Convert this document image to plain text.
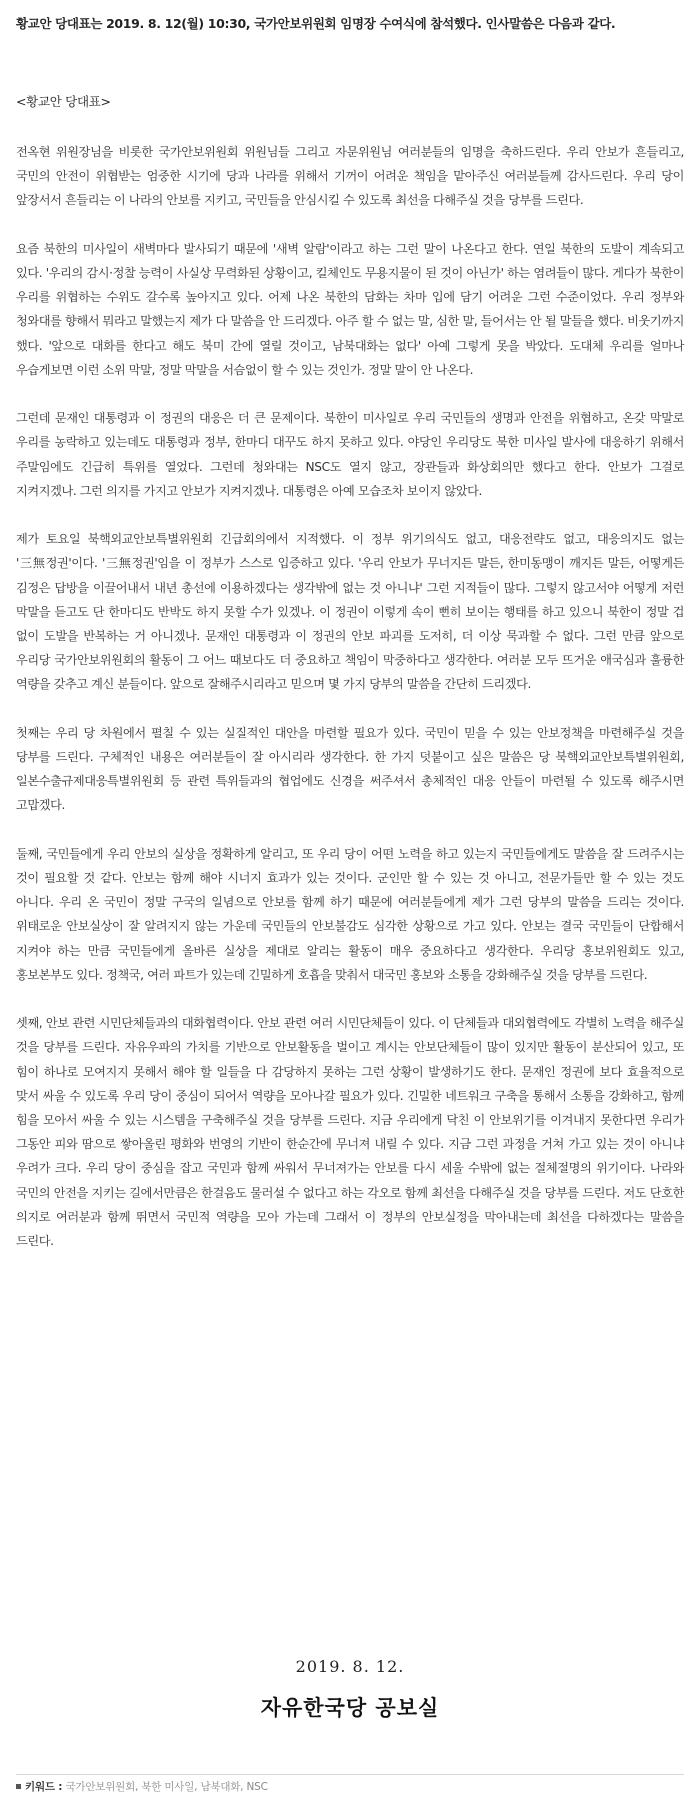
황교안 당대표는 2019. 8. 12(월) 10:30, 국가안보위원회 임명장 수여식에 참석했다. 인사말씀은 다음과 같다.
<황교안 당대표>

전옥현 위원장님을 비롯한 국가안보위원회 위원님들 그리고 자문위원님 여러분들의 임명을 축하드린다. 우리 안보가 흔들리고, 국민의 안전이 위협받는 엄중한 시기에 당과 나라를 위해서 기꺼이 어려운 책임을 맡아주신 여러분들께 감사드린다. 우리 당이 앞장서서 흔들리는 이 나라의 안보를 지키고, 국민들을 안심시킬 수 있도록 최선을 다해주실 것을 당부를 드린다.

요즘 북한의 미사일이 새벽마다 발사되기 때문에 '새벽 알람'이라고 하는 그런 말이 나온다고 한다. 연일 북한의 도발이 계속되고 있다. '우리의 감시·정찰 능력이 사실상 무력화된 상황이고, 킬체인도 무용지물이 된 것이 아닌가' 하는 염려들이 많다. 게다가 북한이 우리를 위협하는 수위도 갈수록 높아지고 있다. 어제 나온 북한의 담화는 차마 입에 담기 어려운 그런 수준이었다. 우리 정부와 청와대를 향해서 뭐라고 말했는지 제가 다 말씀을 안 드리겠다. 아주 할 수 없는 말, 심한 말, 들어서는 안 될 말들을 했다. 비웃기까지 했다. '앞으로 대화를 한다고 해도 북미 간에 열릴 것이고, 남북대화는 없다' 아예 그렇게 못을 박았다. 도대체 우리를 얼마나 우습게보면 이런 소위 막말, 정말 막말을 서슴없이 할 수 있는 것인가. 정말 말이 안 나온다.

그런데 문재인 대통령과 이 정권의 대응은 더 큰 문제이다. 북한이 미사일로 우리 국민들의 생명과 안전을 위협하고, 온갖 막말로 우리를 농락하고 있는데도 대통령과 정부, 한마디 대꾸도 하지 못하고 있다. 야당인 우리당도 북한 미사일 발사에 대응하기 위해서 주말임에도 긴급히 특위를 열었다. 그런데 청와대는 NSC도 열지 않고, 장관들과 화상회의만 했다고 한다. 안보가 그걸로 지켜지겠나. 그런 의지를 가지고 안보가 지켜지겠나. 대통령은 아예 모습조차 보이지 않았다.

제가 토요일 북핵외교안보특별위원회 긴급회의에서 지적했다. 이 정부 위기의식도 없고, 대응전략도 없고, 대응의지도 없는 '三無정권'이다. '三無정권'임을 이 정부가 스스로 입증하고 있다. '우리 안보가 무너지든 말든, 한미동맹이 깨지든 말든, 어떻게든 김정은 답방을 이끌어내서 내년 총선에 이용하겠다는 생각밖에 없는 것 아니냐' 그런 지적들이 많다. 그렇지 않고서야 어떻게 저런 막말을 듣고도 단 한마디도 반박도 하지 못할 수가 있겠나. 이 정권이 이렇게 속이 뻔히 보이는 행태를 하고 있으니 북한이 정말 겁 없이 도발을 반복하는 거 아니겠나. 문재인 대통령과 이 정권의 안보 파괴를 도저히, 더 이상 묵과할 수 없다. 그런 만큼 앞으로 우리당 국가안보위원회의 활동이 그 어느 때보다도 더 중요하고 책임이 막중하다고 생각한다. 여러분 모두 뜨거운 애국심과 훌륭한 역량을 갖추고 계신 분들이다. 앞으로 잘해주시리라고 믿으며 몇 가지 당부의 말씀을 간단히 드리겠다.

첫째는 우리 당 차원에서 펼칠 수 있는 실질적인 대안을 마련할 필요가 있다. 국민이 믿을 수 있는 안보정책을 마련해주실 것을 당부를 드린다. 구체적인 내용은 여러분들이 잘 아시리라 생각한다. 한 가지 덧붙이고 싶은 말씀은 당 북핵외교안보특별위원회, 일본수출규제대응특별위원회 등 관련 특위들과의 협업에도 신경을 써주셔서 총체적인 대응 안들이 마련될 수 있도록 해주시면 고맙겠다.

둘째, 국민들에게 우리 안보의 실상을 정확하게 알리고, 또 우리 당이 어떤 노력을 하고 있는지 국민들에게도 말씀을 잘 드려주시는 것이 필요할 것 같다. 안보는 함께 해야 시너지 효과가 있는 것이다. 군인만 할 수 있는 것 아니고, 전문가들만 할 수 있는 것도 아니다. 우리 온 국민이 정말 구국의 일념으로 안보를 함께 하기 때문에 여러분들에게 제가 그런 당부의 말씀을 드리는 것이다. 위태로운 안보실상이 잘 알려지지 않는 가운데 국민들의 안보불감도 심각한 상황으로 가고 있다. 안보는 결국 국민들이 단합해서 지켜야 하는 만큼 국민들에게 올바른 실상을 제대로 알리는 활동이 매우 중요하다고 생각한다. 우리당 홍보위원회도 있고, 홍보본부도 있다. 정책국, 여러 파트가 있는데 긴밀하게 호흡을 맞춰서 대국민 홍보와 소통을 강화해주실 것을 당부를 드린다.

셋째, 안보 관련 시민단체들과의 대화협력이다. 안보 관련 여러 시민단체들이 있다. 이 단체들과 대외협력에도 각별히 노력을 해주실 것을 당부를 드린다. 자유우파의 가치를 기반으로 안보활동을 벌이고 계시는 안보단체들이 많이 있지만 활동이 분산되어 있고, 또 힘이 하나로 모여지지 못해서 해야 할 일들을 다 감당하지 못하는 그런 상황이 발생하기도 한다. 문재인 정권에 보다 효율적으로 맞서 싸울 수 있도록 우리 당이 중심이 되어서 역량을 모아나갈 필요가 있다. 긴밀한 네트워크 구축을 통해서 소통을 강화하고, 함께 힘을 모아서 싸울 수 있는 시스템을 구축해주실 것을 당부를 드린다. 지금 우리에게 닥친 이 안보위기를 이겨내지 못한다면 우리가 그동안 피와 땀으로 쌓아올린 평화와 번영의 기반이 한순간에 무너져 내릴 수 있다. 지금 그런 과정을 거쳐 가고 있는 것이 아니냐 우려가 크다. 우리 당이 중심을 잡고 국민과 함께 싸워서 무너져가는 안보를 다시 세울 수밖에 없는 절체절명의 위기이다. 나라와 국민의 안전을 지키는 길에서만큼은 한걸음도 물러설 수 없다고 하는 각오로 함께 최선을 다해주실 것을 당부를 드린다. 저도 단호한 의지로 여러분과 함께 뛰면서 국민적 역량을 모아 가는데 그래서 이 정부의 안보실정을 막아내는데 최선을 다하겠다는 말씀을 드린다.

2019. 8. 12.
자유한국당 공보실
키워드 : 국가안보위원회, 북한 미사일, 남북대화, NSC
